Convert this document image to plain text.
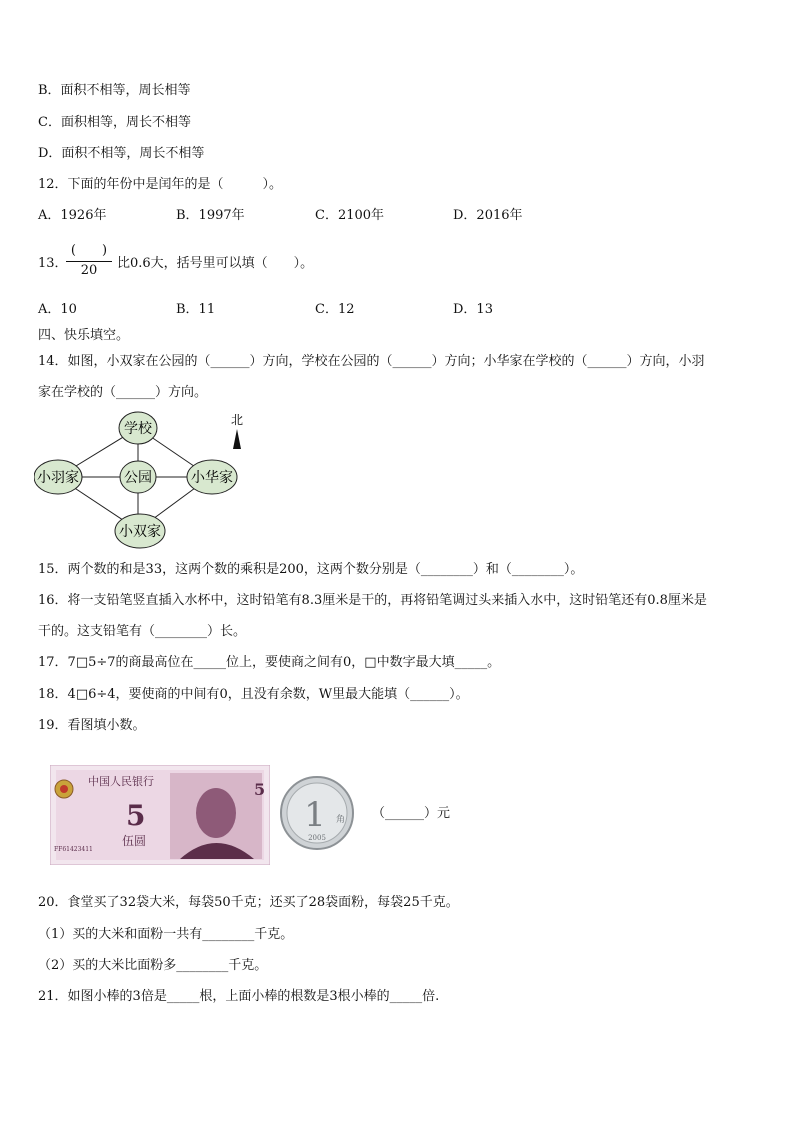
B．面积不相等，周长相等
C．面积相等，周长不相等
D．面积不相等，周长不相等
12．下面的年份中是闰年的是（　　　）。
A．1926年	B．1997年	C．2100年	D．2016年
13．
(　　)
20	比0.6大，括号里可以填（　　）。
A．10	B．11	C．12	D．13
四、快乐填空。
14．如图，小双家在公园的（______）方向，学校在公园的（______）方向；小华家在学校的（______）方向，小羽
家在学校的（______）方向。
学校
小羽家	公园	小华家
小双家
北
15．两个数的和是33，这两个数的乘积是200，这两个数分别是（________）和（________）。
16．将一支铅笔竖直插入水杯中，这时铅笔有8.3厘米是干的，再将铅笔调过头来插入水中，这时铅笔还有0.8厘米是
干的。这支铅笔有（________）长。
17．7□5÷7的商最高位在_____位上，要使商之间有0，□中数字最大填_____。
18．4□6÷4，要使商的中间有0，且没有余数，W里最大能填（______）。
19．看图填小数。
中国人民银行
5
伍圆
FF61423411
5
1 角
2005
（______）元
20．食堂买了32袋大米，每袋50千克；还买了28袋面粉，每袋25千克。
（1）买的大米和面粉一共有________千克。
（2）买的大米比面粉多________千克。
21．如图小棒的3倍是_____根，上面小棒的根数是3根小棒的_____倍.
